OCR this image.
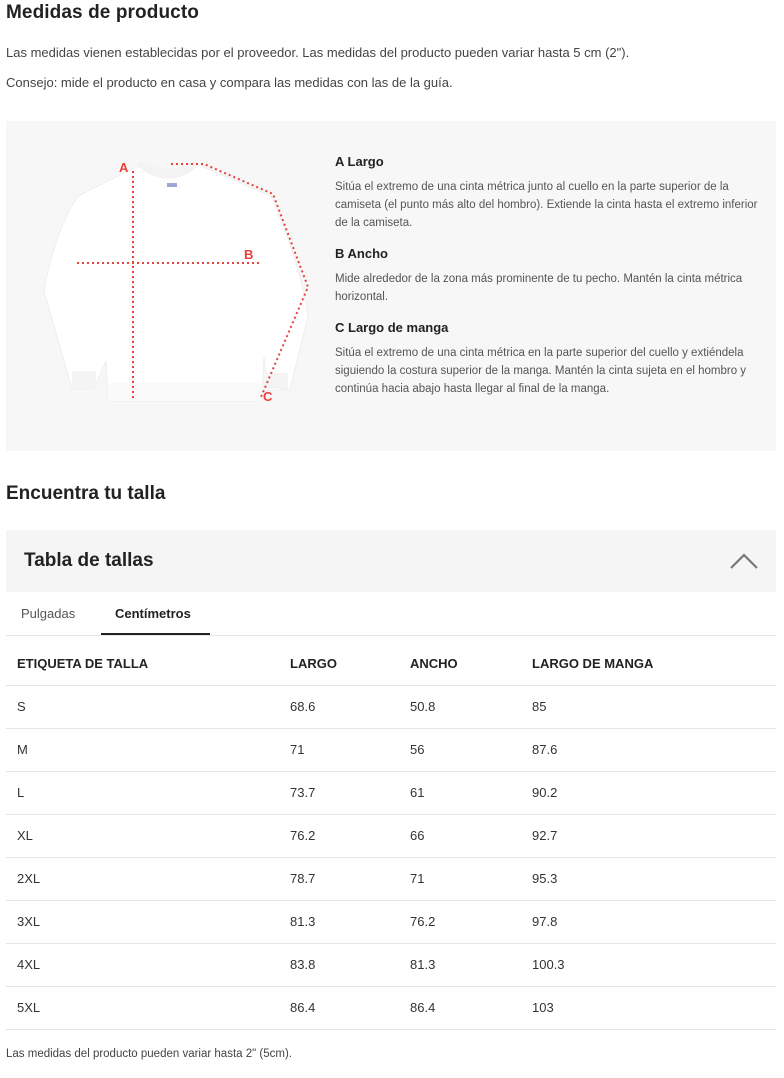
Medidas de producto

Las medidas vienen establecidas por el proveedor. Las medidas del producto pueden variar hasta 5 cm (2").

Consejo: mide el producto en casa y compara las medidas con las de la guía.

A
B
C
A Largo
Sitúa el extremo de una cinta métrica junto al cuello en la parte superior de la camiseta (el punto más alto del hombro). Extiende la cinta hasta el extremo inferior de la camiseta.
B Ancho
Mide alrededor de la zona más prominente de tu pecho. Mantén la cinta métrica horizontal.
C Largo de manga
Sitúa el extremo de una cinta métrica en la parte superior del cuello y extiéndela siguiendo la costura superior de la manga. Mantén la cinta sujeta en el hombro y continúa hacia abajo hasta llegar al final de la manga.
Encuentra tu talla
Tabla de tallas
Pulgadas	Centímetros
ETIQUETA DE TALLA	LARGO	ANCHO	LARGO DE MANGA
S	68.6	50.8	85
M	71	56	87.6
L	73.7	61	90.2
XL	76.2	66	92.7
2XL	78.7	71	95.3
3XL	81.3	76.2	97.8
4XL	83.8	81.3	100.3
5XL	86.4	86.4	103

Las medidas del producto pueden variar hasta 2" (5cm).
